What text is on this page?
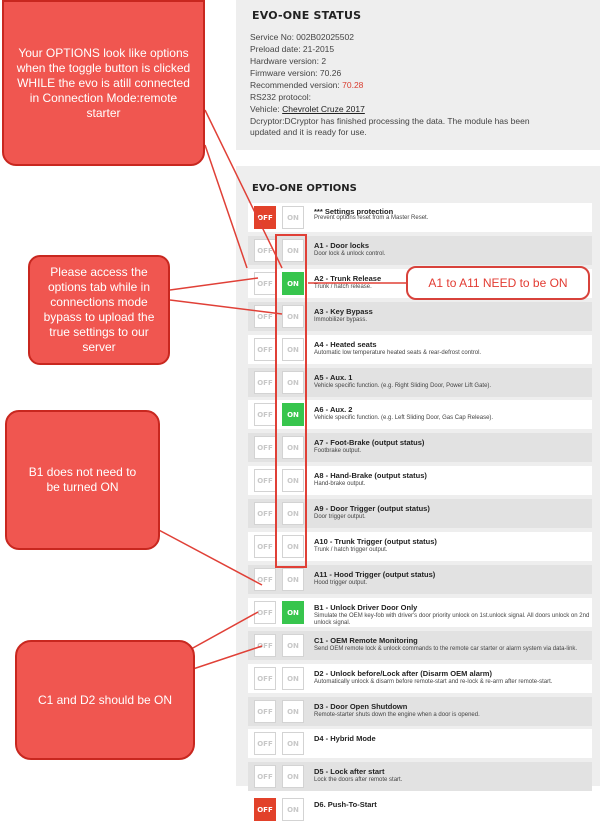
EVO-ONE STATUS
Service No: 002B02025502
Preload date: 21-2015
Hardware version: 2
Firmware version: 70.26
Recommended version: 70.28
RS232 protocol:
Vehicle: Chevrolet Cruze 2017
Dcryptor:DCryptor has finished processing the data. The module has been
updated and it is ready for use.
EVO-ONE OPTIONS
OFF	ON
*** Settings protection
Prevent options reset from a Master Reset.
OFF	ON
A1 - Door locks
Door lock & unlock control.
OFF	ON
A2 - Trunk Release
Trunk / hatch release.
OFF	ON
A3 - Key Bypass
Immobilizer bypass.
OFF	ON
A4 - Heated seats
Automatic low temperature heated seats & rear-defrost control.
OFF	ON
A5 - Aux. 1
Vehicle specific function. (e.g. Right Sliding Door, Power Lift Gate).
OFF	ON
A6 - Aux. 2
Vehicle specific function. (e.g. Left Sliding Door, Gas Cap Release).
OFF	ON
A7 - Foot-Brake (output status)
Footbrake output.
OFF	ON
A8 - Hand-Brake (output status)
Hand-brake output.
OFF	ON
A9 - Door Trigger (output status)
Door trigger output.
OFF	ON
A10 - Trunk Trigger (output status)
Trunk / hatch trigger output.
OFF	ON
A11 - Hood Trigger (output status)
Hood trigger output.
OFF	ON
B1 - Unlock Driver Door Only
Simulate the OEM key-fob with driver's door priority unlock on 1st.unlock signal. All doors unlock on 2nd unlock signal.
OFF	ON
C1 - OEM Remote Monitoring
Send OEM remote lock & unlock commands to the remote car starter or alarm system via data-link.
OFF	ON
D2 - Unlock before/Lock after (Disarm OEM alarm)
Automatically unlock & disarm before remote-start and re-lock & re-arm after remote-start.
OFF	ON
D3 - Door Open Shutdown
Remote-starter shuts down the engine when a door is opened.
OFF	ON
D4 - Hybrid Mode
OFF	ON
D5 - Lock after start
Lock the doors after remote start.
OFF	ON
D6. Push-To-Start
Your OPTIONS look like options when the toggle button is clicked WHILE the evo is atill connected in Connection Mode:remote starter
Please access the options tab while in connections mode bypass to upload the true settings to our server
A1 to A11 NEED to be ON
B1 does not need to be turned ON
C1 and D2 should be ON
